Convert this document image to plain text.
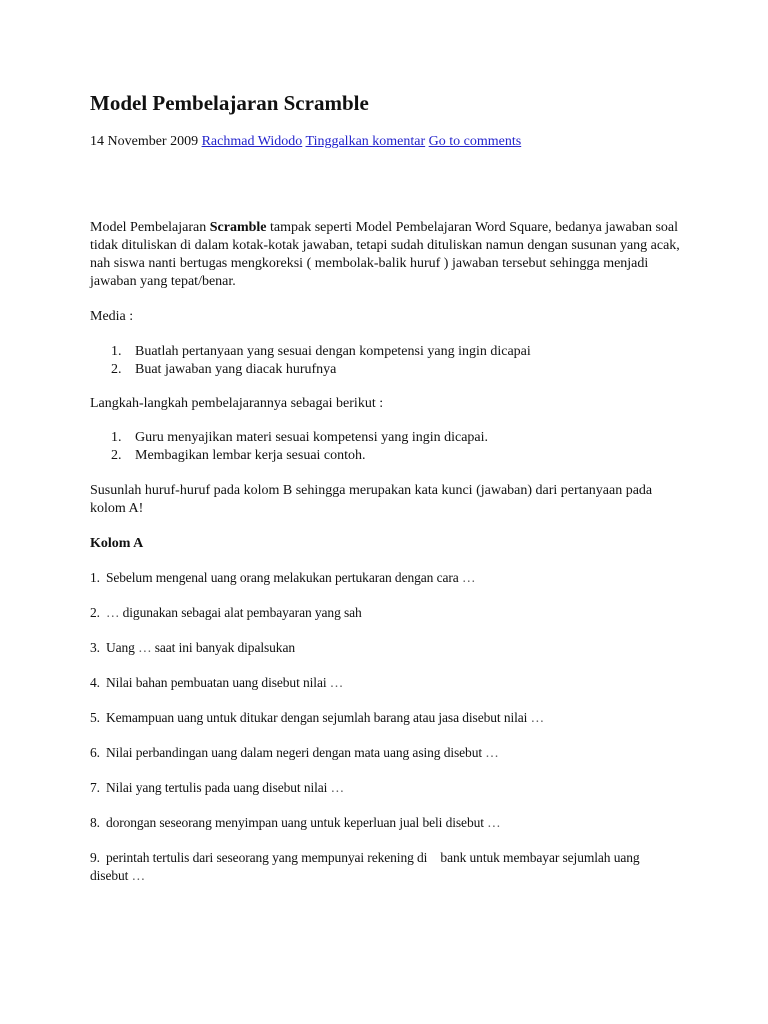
Model Pembelajaran Scramble
14 November 2009 Rachmad Widodo Tinggalkan komentar Go to comments

Model Pembelajaran Scramble tampak seperti Model Pembelajaran Word Square, bedanya jawaban soal tidak dituliskan di dalam kotak-kotak jawaban, tetapi sudah dituliskan namun dengan susunan yang acak, nah siswa nanti bertugas mengkoreksi ( membolak-balik huruf ) jawaban tersebut sehingga menjadi jawaban yang tepat/benar.

Media :

1. Buatlah pertanyaan yang sesuai dengan kompetensi yang ingin dicapai
2. Buat jawaban yang diacak hurufnya

Langkah-langkah pembelajarannya sebagai berikut :

1. Guru menyajikan materi sesuai kompetensi yang ingin dicapai.
2. Membagikan lembar kerja sesuai contoh.

Susunlah huruf-huruf pada kolom B sehingga merupakan kata kunci (jawaban) dari pertanyaan pada kolom A!

Kolom A

1. Sebelum mengenal uang orang melakukan pertukaran dengan cara …
2. … digunakan sebagai alat pembayaran yang sah
3. Uang … saat ini banyak dipalsukan
4. Nilai bahan pembuatan uang disebut nilai …
5. Kemampuan uang untuk ditukar dengan sejumlah barang atau jasa disebut nilai …
6. Nilai perbandingan uang dalam negeri dengan mata uang asing disebut …
7. Nilai yang tertulis pada uang disebut nilai …
8. dorongan seseorang menyimpan uang untuk keperluan jual beli disebut …
9. perintah tertulis dari seseorang yang mempunyai rekening di    bank untuk membayar sejumlah uang disebut …
